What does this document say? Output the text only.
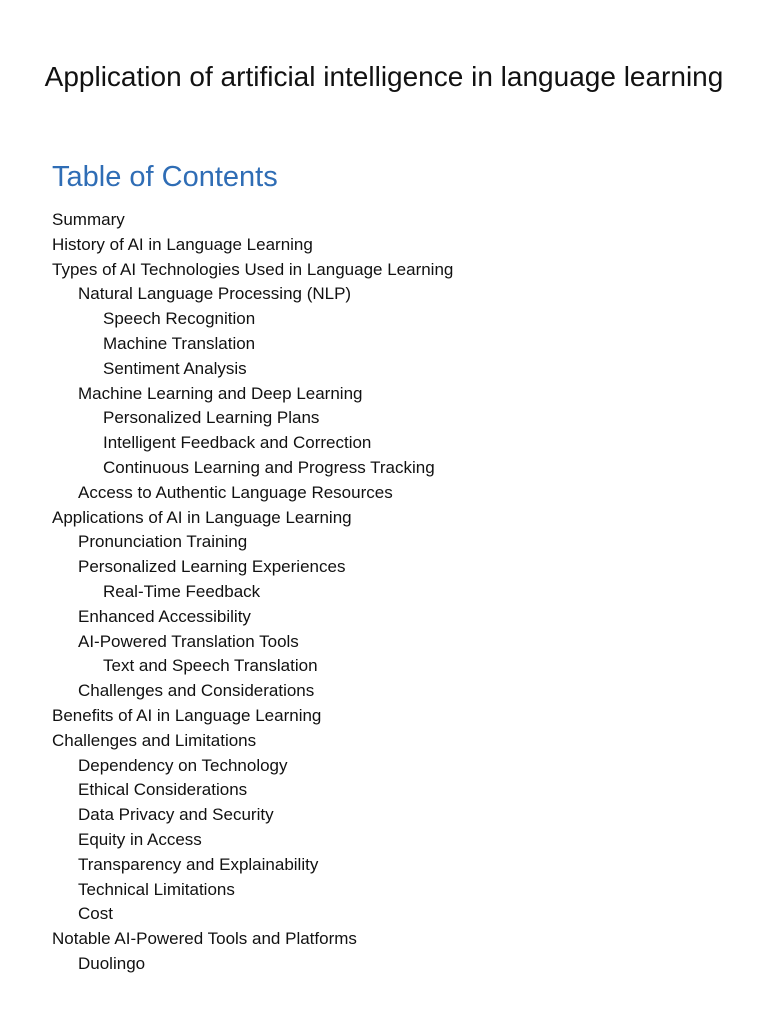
Application of artificial intelligence in language learning
Table of Contents
Summary
History of AI in Language Learning
Types of AI Technologies Used in Language Learning
Natural Language Processing (NLP)
Speech Recognition
Machine Translation
Sentiment Analysis
Machine Learning and Deep Learning
Personalized Learning Plans
Intelligent Feedback and Correction
Continuous Learning and Progress Tracking
Access to Authentic Language Resources
Applications of AI in Language Learning
Pronunciation Training
Personalized Learning Experiences
Real-Time Feedback
Enhanced Accessibility
AI-Powered Translation Tools
Text and Speech Translation
Challenges and Considerations
Benefits of AI in Language Learning
Challenges and Limitations
Dependency on Technology
Ethical Considerations
Data Privacy and Security
Equity in Access
Transparency and Explainability
Technical Limitations
Cost
Notable AI-Powered Tools and Platforms
Duolingo
